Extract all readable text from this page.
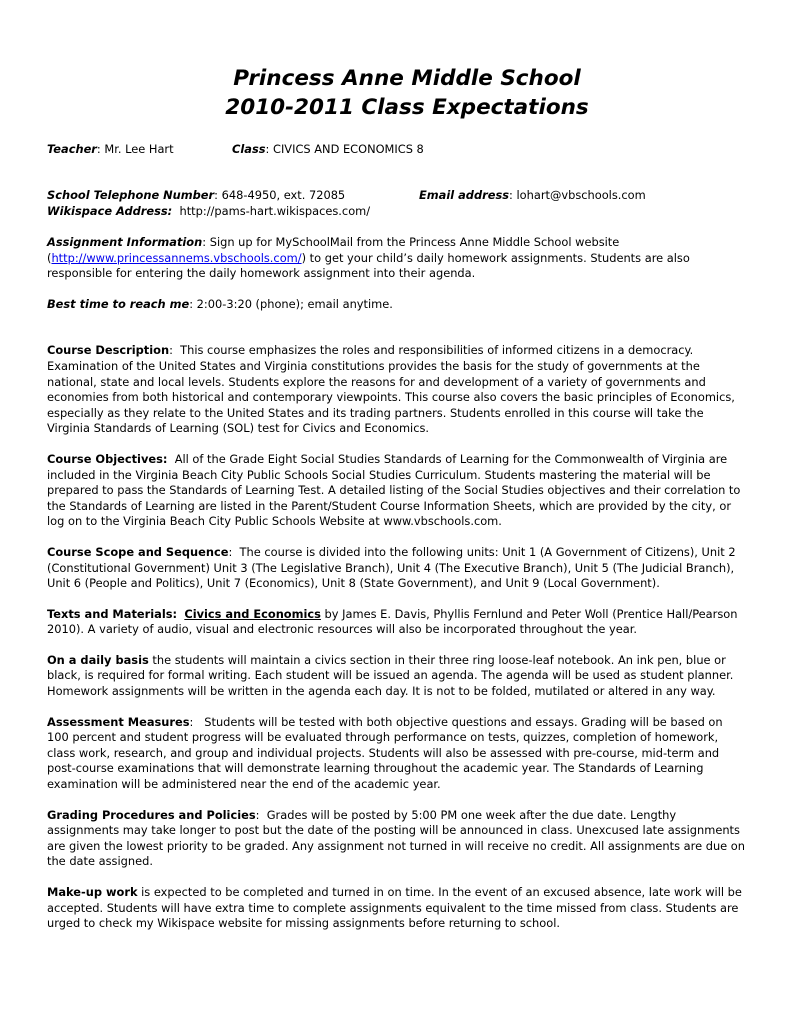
Princess Anne Middle School
2010-2011 Class Expectations
Teacher: Mr. Lee Hart	Class: CIVICS AND ECONOMICS 8
School Telephone Number: 648-4950, ext. 72085	Email address: lohart@vbschools.com
Wikispace Address: http://pams-hart.wikispaces.com/

Assignment Information: Sign up for MySchoolMail from the Princess Anne Middle School website (http://www.princessannems.vbschools.com/) to get your child’s daily homework assignments. Students are also responsible for entering the daily homework assignment into their agenda.

Best time to reach me: 2:00-3:20 (phone); email anytime.

Course Description:  This course emphasizes the roles and responsibilities of informed citizens in a democracy. Examination of the United States and Virginia constitutions provides the basis for the study of governments at the national, state and local levels. Students explore the reasons for and development of a variety of governments and economies from both historical and contemporary viewpoints. This course also covers the basic principles of Economics, especially as they relate to the United States and its trading partners. Students enrolled in this course will take the Virginia Standards of Learning (SOL) test for Civics and Economics.

Course Objectives: All of the Grade Eight Social Studies Standards of Learning for the Commonwealth of Virginia are included in the Virginia Beach City Public Schools Social Studies Curriculum. Students mastering the material will be prepared to pass the Standards of Learning Test. A detailed listing of the Social Studies objectives and their correlation to the Standards of Learning are listed in the Parent/Student Course Information Sheets, which are provided by the city, or log on to the Virginia Beach City Public Schools Website at www.vbschools.com.

Course Scope and Sequence:  The course is divided into the following units: Unit 1 (A Government of Citizens), Unit 2 (Constitutional Government) Unit 3 (The Legislative Branch), Unit 4 (The Executive Branch), Unit 5 (The Judicial Branch), Unit 6 (People and Politics), Unit 7 (Economics), Unit 8 (State Government), and Unit 9 (Local Government).

Texts and Materials: Civics and Economics by James E. Davis, Phyllis Fernlund and Peter Woll (Prentice Hall/Pearson 2010). A variety of audio, visual and electronic resources will also be incorporated throughout the year.

On a daily basis the students will maintain a civics section in their three ring loose-leaf notebook. An ink pen, blue or black, is required for formal writing. Each student will be issued an agenda. The agenda will be used as student planner. Homework assignments will be written in the agenda each day. It is not to be folded, mutilated or altered in any way.

Assessment Measures:   Students will be tested with both objective questions and essays. Grading will be based on 100 percent and student progress will be evaluated through performance on tests, quizzes, completion of homework, class work, research, and group and individual projects. Students will also be assessed with pre-course, mid-term and post-course examinations that will demonstrate learning throughout the academic year. The Standards of Learning examination will be administered near the end of the academic year.

Grading Procedures and Policies:  Grades will be posted by 5:00 PM one week after the due date. Lengthy assignments may take longer to post but the date of the posting will be announced in class. Unexcused late assignments are given the lowest priority to be graded. Any assignment not turned in will receive no credit. All assignments are due on the date assigned.

Make-up work is expected to be completed and turned in on time. In the event of an excused absence, late work will be accepted. Students will have extra time to complete assignments equivalent to the time missed from class. Students are urged to check my Wikispace website for missing assignments before returning to school.
